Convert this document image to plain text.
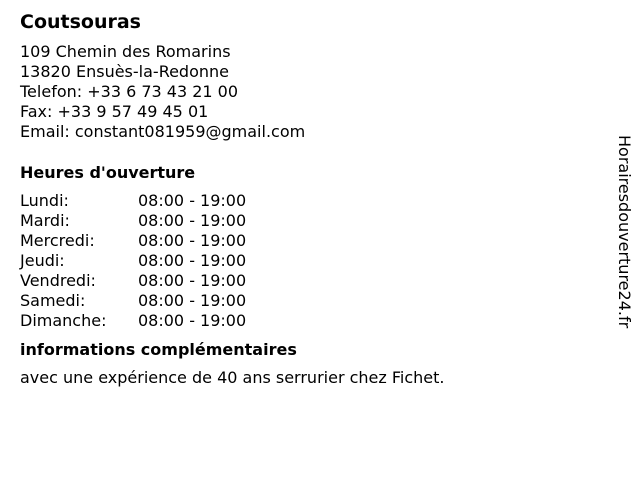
Coutsouras
109 Chemin des Romarins
13820 Ensuès-la-Redonne
Telefon: +33 6 73 43 21 00
Fax: +33 9 57 49 45 01
Email: constant081959@gmail.com
Heures d'ouverture
Lundi:	08:00 - 19:00
Mardi:	08:00 - 19:00
Mercredi:	08:00 - 19:00
Jeudi:	08:00 - 19:00
Vendredi:	08:00 - 19:00
Samedi:	08:00 - 19:00
Dimanche:	08:00 - 19:00
informations complémentaires
avec une expérience de 40 ans serrurier chez Fichet.
Horairesdouverture24.fr
